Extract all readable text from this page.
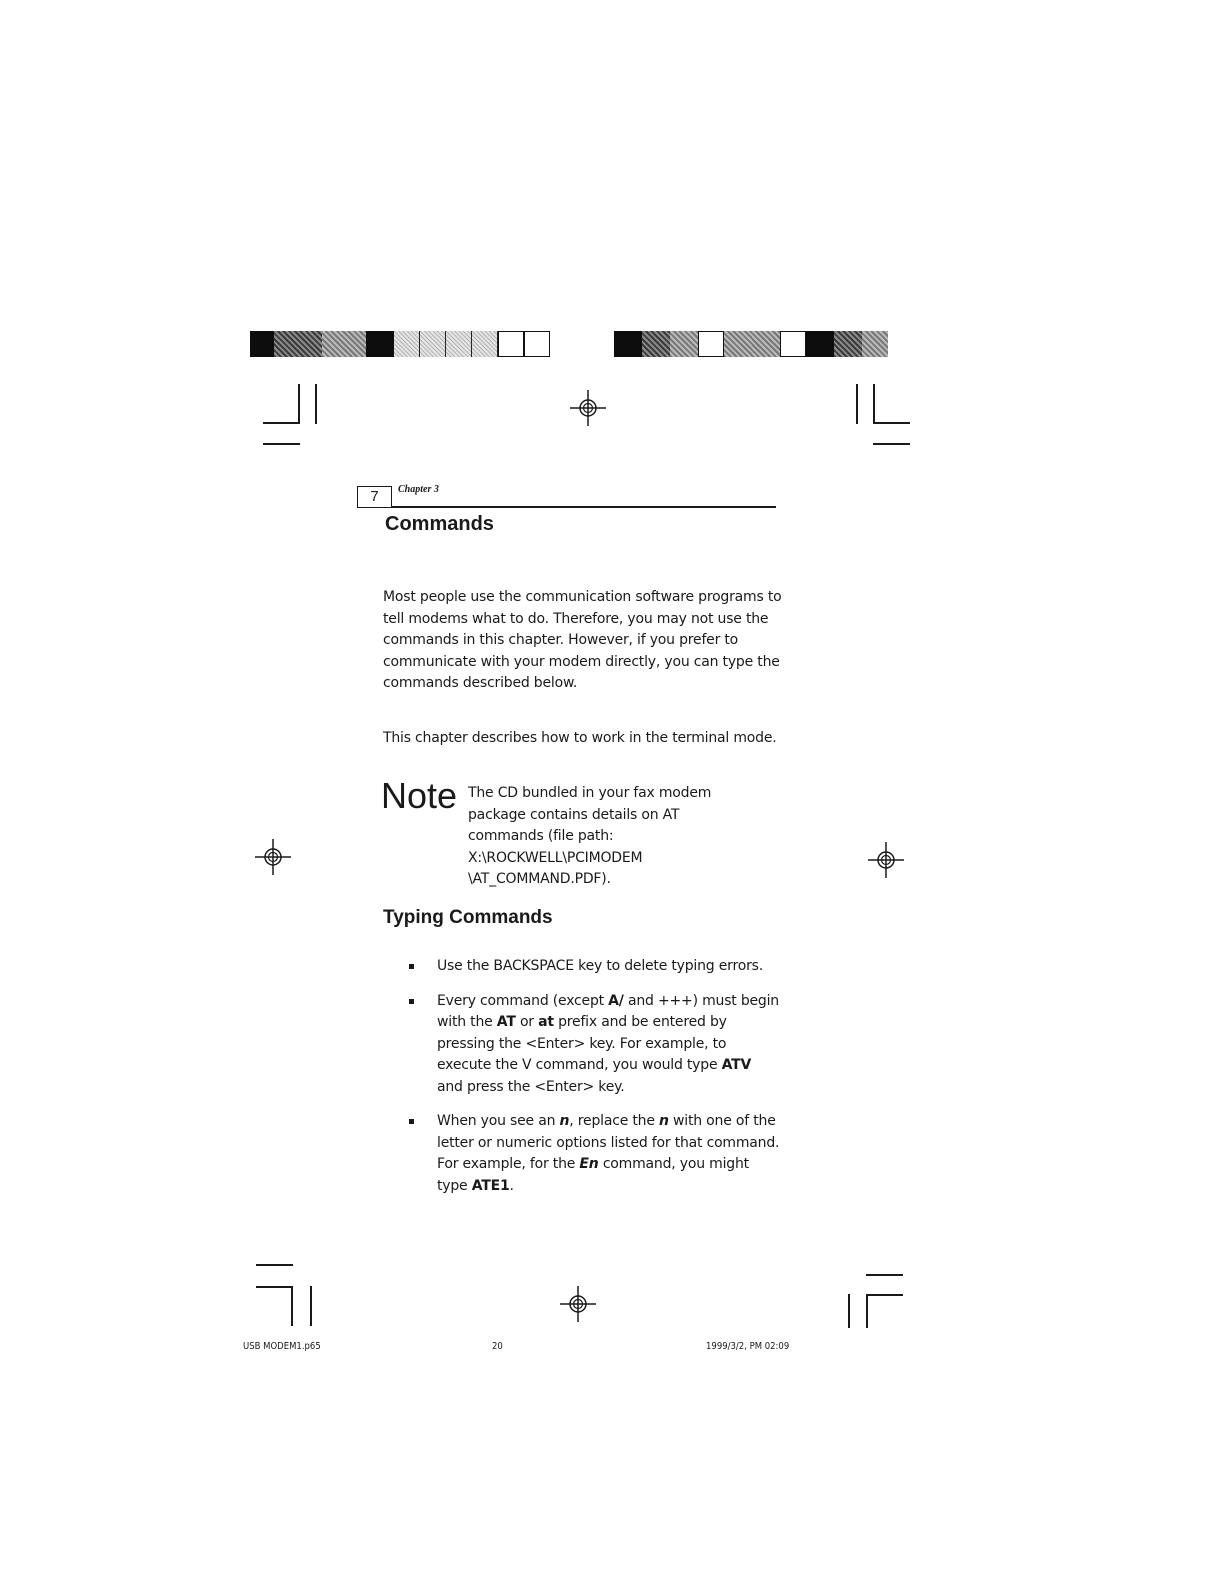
7	Chapter 3
Commands

Most people use the communication software programs to tell modems what to do. Therefore, you may not use the commands in this chapter. However, if you prefer to communicate with your modem directly, you can type the commands described below.

This chapter describes how to work in the terminal mode.

Note The CD bundled in your fax modem
package contains details on AT
commands (file path:
X:\ROCKWELL\PCIMODEM
\AT_COMMAND.PDF).
Typing Commands
Use the BACKSPACE key to delete typing errors.
Every command (except A/ and +++) must begin with the AT or at prefix and be entered by pressing the <Enter> key. For example, to execute the V command, you would type ATV and press the <Enter> key.
When you see an n, replace the n with one of the letter or numeric options listed for that command. For example, for the En command, you might type ATE1.
USB MODEM1.p65	20	1999/3/2, PM 02:09
